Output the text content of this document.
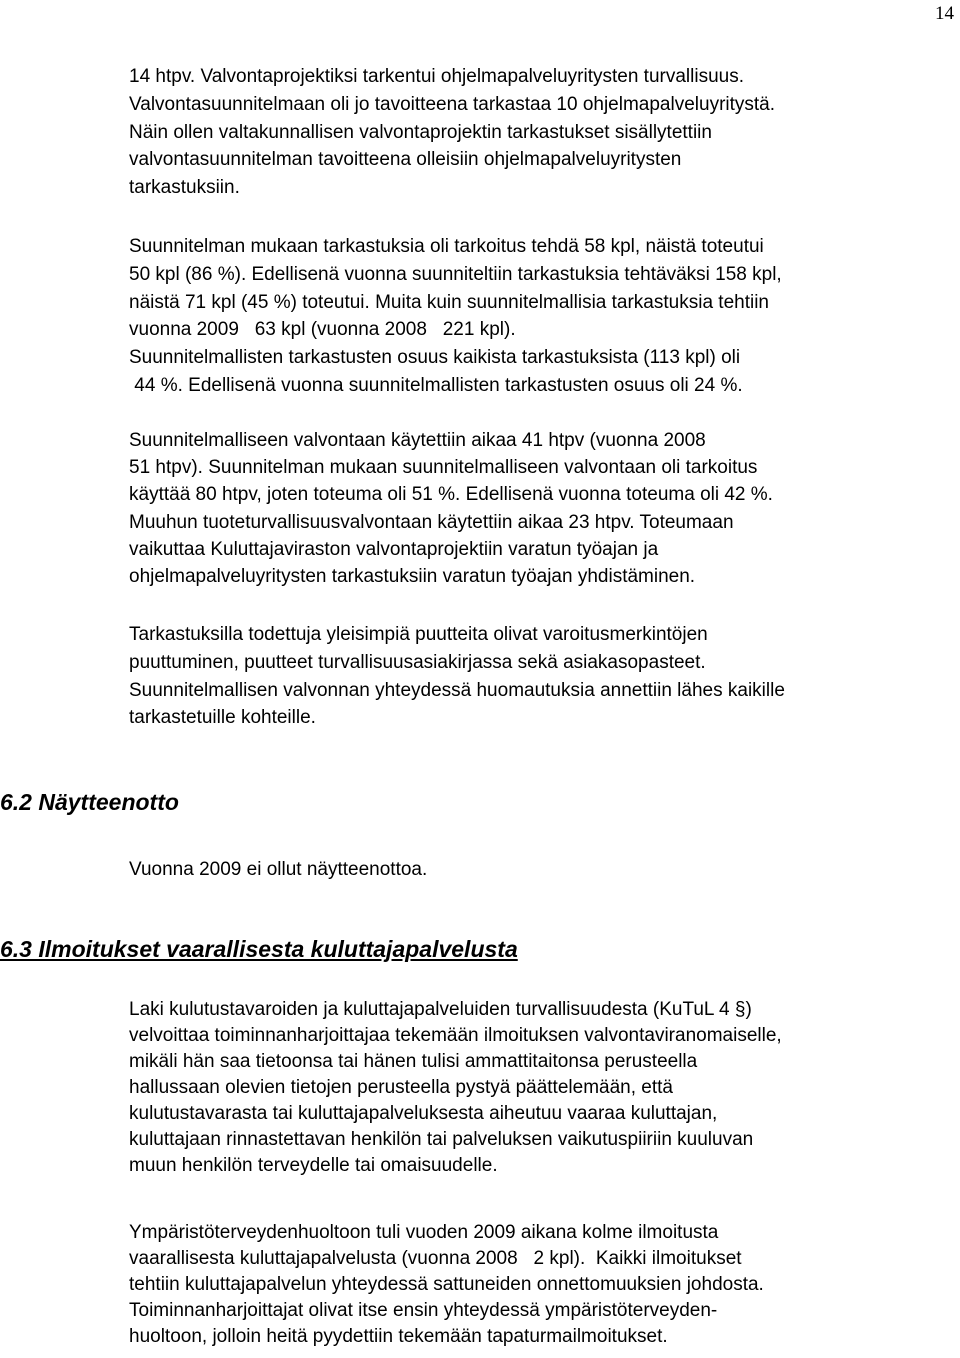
14
14 htpv. Valvontaprojektiksi tarkentui ohjelmapalveluyritysten turvallisuus.
Valvontasuunnitelmaan oli jo tavoitteena tarkastaa 10 ohjelmapalveluyritystä.
Näin ollen valtakunnallisen valvontaprojektin tarkastukset sisällytettiin
valvontasuunnitelman tavoitteena olleisiin ohjelmapalveluyritysten
tarkastuksiin.
Suunnitelman mukaan tarkastuksia oli tarkoitus tehdä 58 kpl, näistä toteutui
50 kpl (86 %). Edellisenä vuonna suunniteltiin tarkastuksia tehtäväksi 158 kpl,
näistä 71 kpl (45 %) toteutui. Muita kuin suunnitelmallisia tarkastuksia tehtiin
vuonna 2009   63 kpl (vuonna 2008   221 kpl).
Suunnitelmallisten tarkastusten osuus kaikista tarkastuksista (113 kpl) oli
44 %. Edellisenä vuonna suunnitelmallisten tarkastusten osuus oli 24 %.
Suunnitelmalliseen valvontaan käytettiin aikaa 41 htpv (vuonna 2008
51 htpv). Suunnitelman mukaan suunnitelmalliseen valvontaan oli tarkoitus
käyttää 80 htpv, joten toteuma oli 51 %. Edellisenä vuonna toteuma oli 42 %.
Muuhun tuoteturvallisuusvalvontaan käytettiin aikaa 23 htpv. Toteumaan
vaikuttaa Kuluttajaviraston valvontaprojektiin varatun työajan ja
ohjelmapalveluyritysten tarkastuksiin varatun työajan yhdistäminen.
Tarkastuksilla todettuja yleisimpiä puutteita olivat varoitusmerkintöjen
puuttuminen, puutteet turvallisuusasiakirjassa sekä asiakasopasteet.
Suunnitelmallisen valvonnan yhteydessä huomautuksia annettiin lähes kaikille
tarkastetuille kohteille.
6.2 Näytteenotto
Vuonna 2009 ei ollut näytteenottoa.
6.3 Ilmoitukset vaarallisesta kuluttajapalvelusta
Laki kulutustavaroiden ja kuluttajapalveluiden turvallisuudesta (KuTuL 4 §)
velvoittaa toiminnanharjoittajaa tekemään ilmoituksen valvontaviranomaiselle,
mikäli hän saa tietoonsa tai hänen tulisi ammattitaitonsa perusteella
hallussaan olevien tietojen perusteella pystyä päättelemään, että
kulutustavarasta tai kuluttajapalveluksesta aiheutuu vaaraa kuluttajan,
kuluttajaan rinnastettavan henkilön tai palveluksen vaikutuspiiriin kuuluvan
muun henkilön terveydelle tai omaisuudelle.
Ympäristöterveydenhuoltoon tuli vuoden 2009 aikana kolme ilmoitusta
vaarallisesta kuluttajapalvelusta (vuonna 2008   2 kpl).  Kaikki ilmoitukset
tehtiin kuluttajapalvelun yhteydessä sattuneiden onnettomuuksien johdosta.
Toiminnanharjoittajat olivat itse ensin yhteydessä ympäristöterveyden-
huoltoon, jolloin heitä pyydettiin tekemään tapaturmailmoitukset.
